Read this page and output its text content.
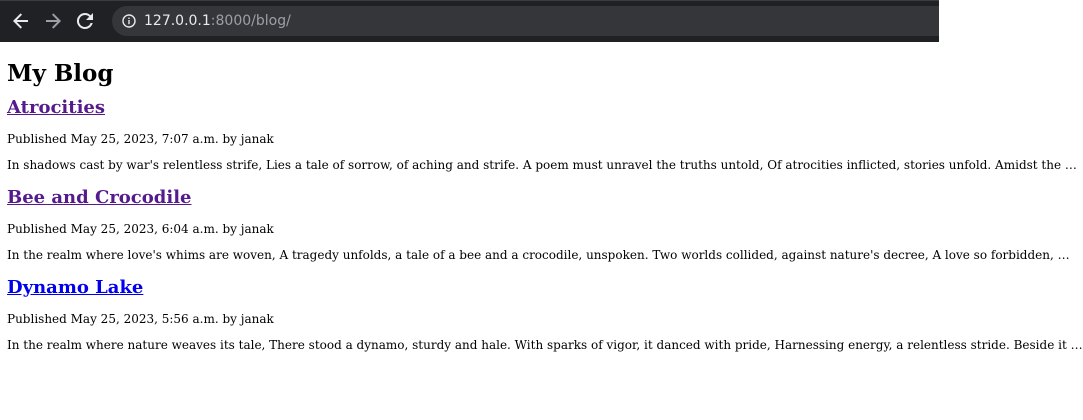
127.0.0.1 :8000/blog/
My Blog
Atrocities

Published May 25, 2023, 7:07 a.m. by janak

In shadows cast by war's relentless strife, Lies a tale of sorrow, of aching and strife. A poem must unravel the truths untold, Of atrocities inflicted, stories unfold. Amidst the …

Bee and Crocodile

Published May 25, 2023, 6:04 a.m. by janak

In the realm where love's whims are woven, A tragedy unfolds, a tale of a bee and a crocodile, unspoken. Two worlds collided, against nature's decree, A love so forbidden, …

Dynamo Lake

Published May 25, 2023, 5:56 a.m. by janak

In the realm where nature weaves its tale, There stood a dynamo, sturdy and hale. With sparks of vigor, it danced with pride, Harnessing energy, a relentless stride. Beside it …
